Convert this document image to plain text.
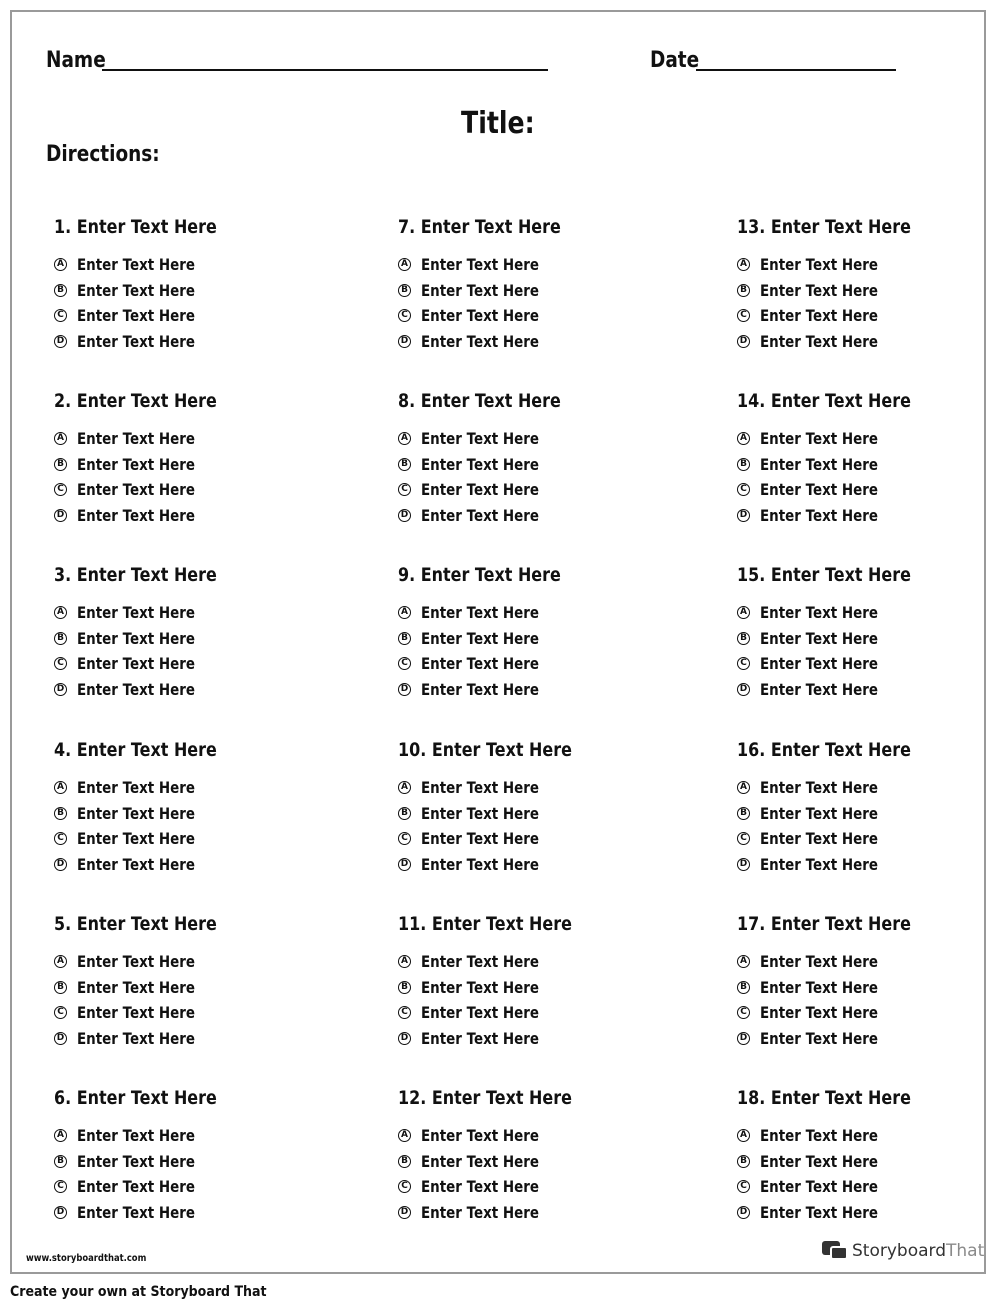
Name	Date
Title:
Directions:
1. Enter Text Here
A Enter Text Here
B Enter Text Here
C Enter Text Here
D Enter Text Here
2. Enter Text Here
A Enter Text Here
B Enter Text Here
C Enter Text Here
D Enter Text Here
3. Enter Text Here
A Enter Text Here
B Enter Text Here
C Enter Text Here
D Enter Text Here
4. Enter Text Here
A Enter Text Here
B Enter Text Here
C Enter Text Here
D Enter Text Here
5. Enter Text Here
A Enter Text Here
B Enter Text Here
C Enter Text Here
D Enter Text Here
6. Enter Text Here
A Enter Text Here
B Enter Text Here
C Enter Text Here
D Enter Text Here
7. Enter Text Here
A Enter Text Here
B Enter Text Here
C Enter Text Here
D Enter Text Here
8. Enter Text Here
A Enter Text Here
B Enter Text Here
C Enter Text Here
D Enter Text Here
9. Enter Text Here
A Enter Text Here
B Enter Text Here
C Enter Text Here
D Enter Text Here
10. Enter Text Here
A Enter Text Here
B Enter Text Here
C Enter Text Here
D Enter Text Here
11. Enter Text Here
A Enter Text Here
B Enter Text Here
C Enter Text Here
D Enter Text Here
12. Enter Text Here
A Enter Text Here
B Enter Text Here
C Enter Text Here
D Enter Text Here
13. Enter Text Here
A Enter Text Here
B Enter Text Here
C Enter Text Here
D Enter Text Here
14. Enter Text Here
A Enter Text Here
B Enter Text Here
C Enter Text Here
D Enter Text Here
15. Enter Text Here
A Enter Text Here
B Enter Text Here
C Enter Text Here
D Enter Text Here
16. Enter Text Here
A Enter Text Here
B Enter Text Here
C Enter Text Here
D Enter Text Here
17. Enter Text Here
A Enter Text Here
B Enter Text Here
C Enter Text Here
D Enter Text Here
18. Enter Text Here
A Enter Text Here
B Enter Text Here
C Enter Text Here
D Enter Text Here
www.storyboardthat.com	StoryboardThat
Create your own at Storyboard That
